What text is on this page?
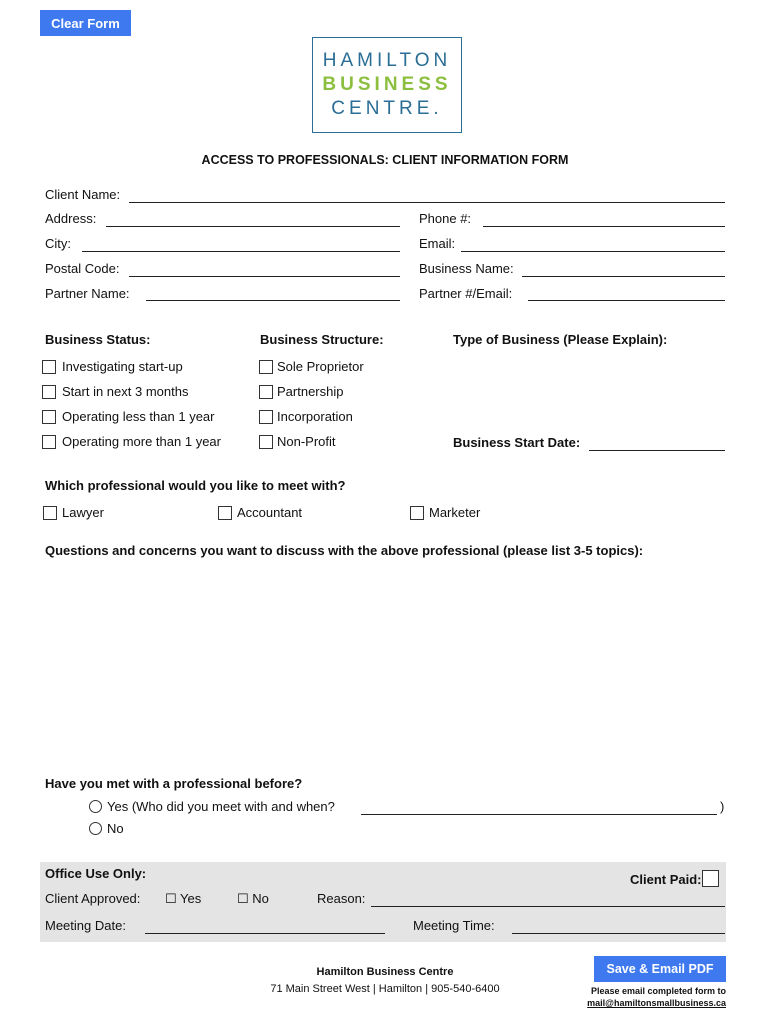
Clear Form
HAMILTON
BUSINESS
CENTRE.
ACCESS TO PROFESSIONALS: CLIENT INFORMATION FORM
Client Name:
Address:	Phone #:
City:	Email:
Postal Code:	Business Name:
Partner Name:	Partner #/Email:
Business Status:	Business Structure:	Type of Business (Please Explain):
Investigating start-up
Start in next 3 months
Operating less than 1 year
Operating more than 1 year
Sole Proprietor
Partnership
Incorporation
Non-Profit	Business Start Date:
Which professional would you like to meet with?
Lawyer	Accountant	Marketer
Questions and concerns you want to discuss with the above professional (please list 3-5 topics):
Have you met with a professional before?
Yes (Who did you meet with and when?	)
No
Office Use Only:	Client Paid:
Client Approved: ☐ Yes	☐ No	Reason:
Meeting Date:	Meeting Time:
Hamilton Business Centre
71 Main Street West | Hamilton | 905-540-6400
Save & Email PDF
Please email completed form to
mail@hamiltonsmallbusiness.ca
